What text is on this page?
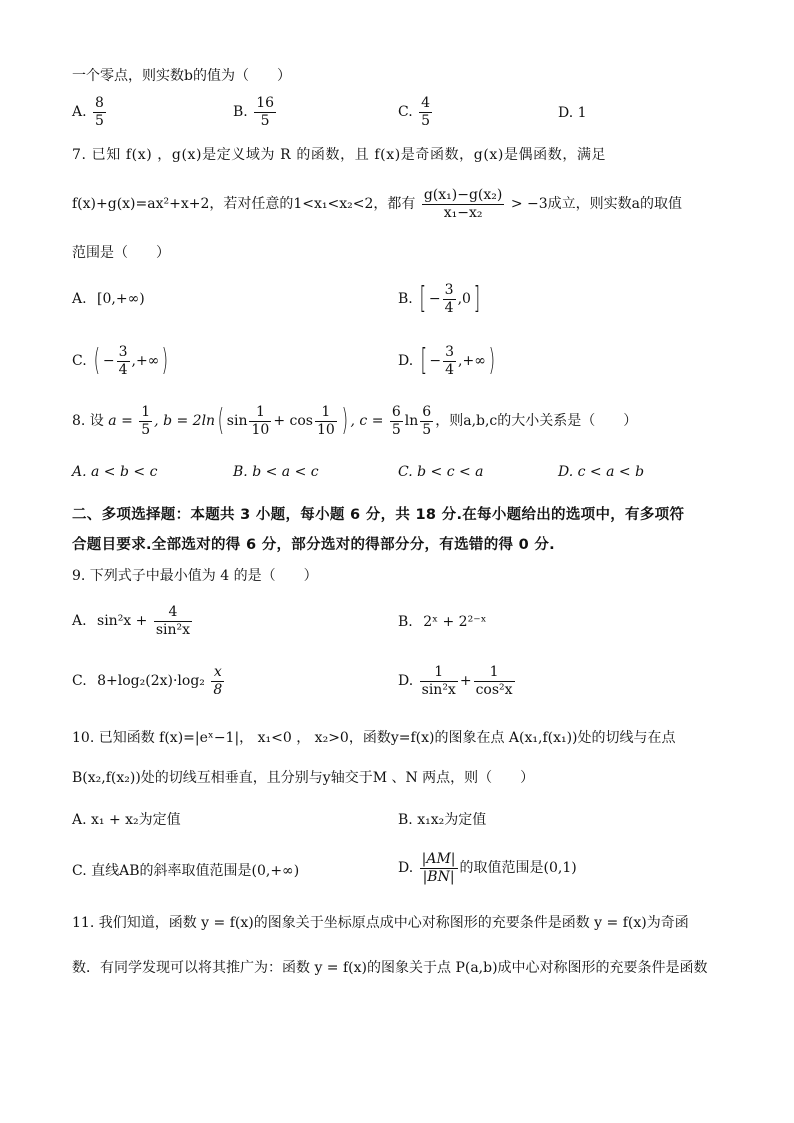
一个零点，则实数b的值为（　　）
A. $\frac{8}{5}$	B. $\frac{16}{5}$	C. $\frac{4}{5}$	D. 1
7. 已知 f(x) ，g(x)是定义域为 R 的函数，且 f(x)是奇函数，g(x)是偶函数，满足
f(x)+g(x)=ax²+x+2，若对任意的1<x₁<x₂<2，都有 $\frac{\text{g(x₁)−g(x₂)}}{\text{x₁−x₂}} > -3$成立，则实数a的取值
范围是（　　）
A. [0,+∞)	B. [ − $\frac{3}{4} ,0$]
C. ( − $\frac{3}{4}$ ,+∞)	D. [ − $\frac{3}{4}$ ,+∞)
8. 设 $a = \frac{1}{5}$ , b = 2ln( $\sin \frac{1}{10} + \cos \frac{1}{10}$ ) , $c = \frac{6}{5}$ $\ln \frac{6}{5}$ ，则a,b,c的大小关系是（　　）
A. a < b < c	B. b < a < c	C. b < c < a	D. c < a < b
二、多项选择题：本题共 3 小题，每小题 6 分，共 18 分.在每小题给出的选项中，有多项符
合题目要求.全部选对的得 6 分，部分选对的得部分分，有选错的得 0 分.
9. 下列式子中最小值为 4 的是（　　）
A. $\sin^2x + \frac{4}{\text{sin²x}}$	B. 2ˣ + 2²⁻ˣ
C. $8+\log_2(2x)\cdot\log_2 \frac{x}{8}$	D. $\frac{1}{\text{sin²x}} + \frac{1}{\text{cos²x}}$
10. 已知函数 f(x)=|eˣ−1|， x₁<0 ， x₂>0，函数y=f(x)的图象在点 A(x₁,f(x₁))处的切线与在点
B(x₂,f(x₂))处的切线互相垂直，且分别与y轴交于M 、N 两点，则（　　）
A. x₁ + x₂为定值	B. x₁x₂为定值
C. 直线AB的斜率取值范围是(0,+∞)	D. $\frac{|AM|}{|BN|}$ 的取值范围是(0,1)
11. 我们知道，函数 y = f(x)的图象关于坐标原点成中心对称图形的充要条件是函数 y = f(x)为奇函
数．有同学发现可以将其推广为：函数 y = f(x)的图象关于点 P(a,b)成中心对称图形的充要条件是函数
